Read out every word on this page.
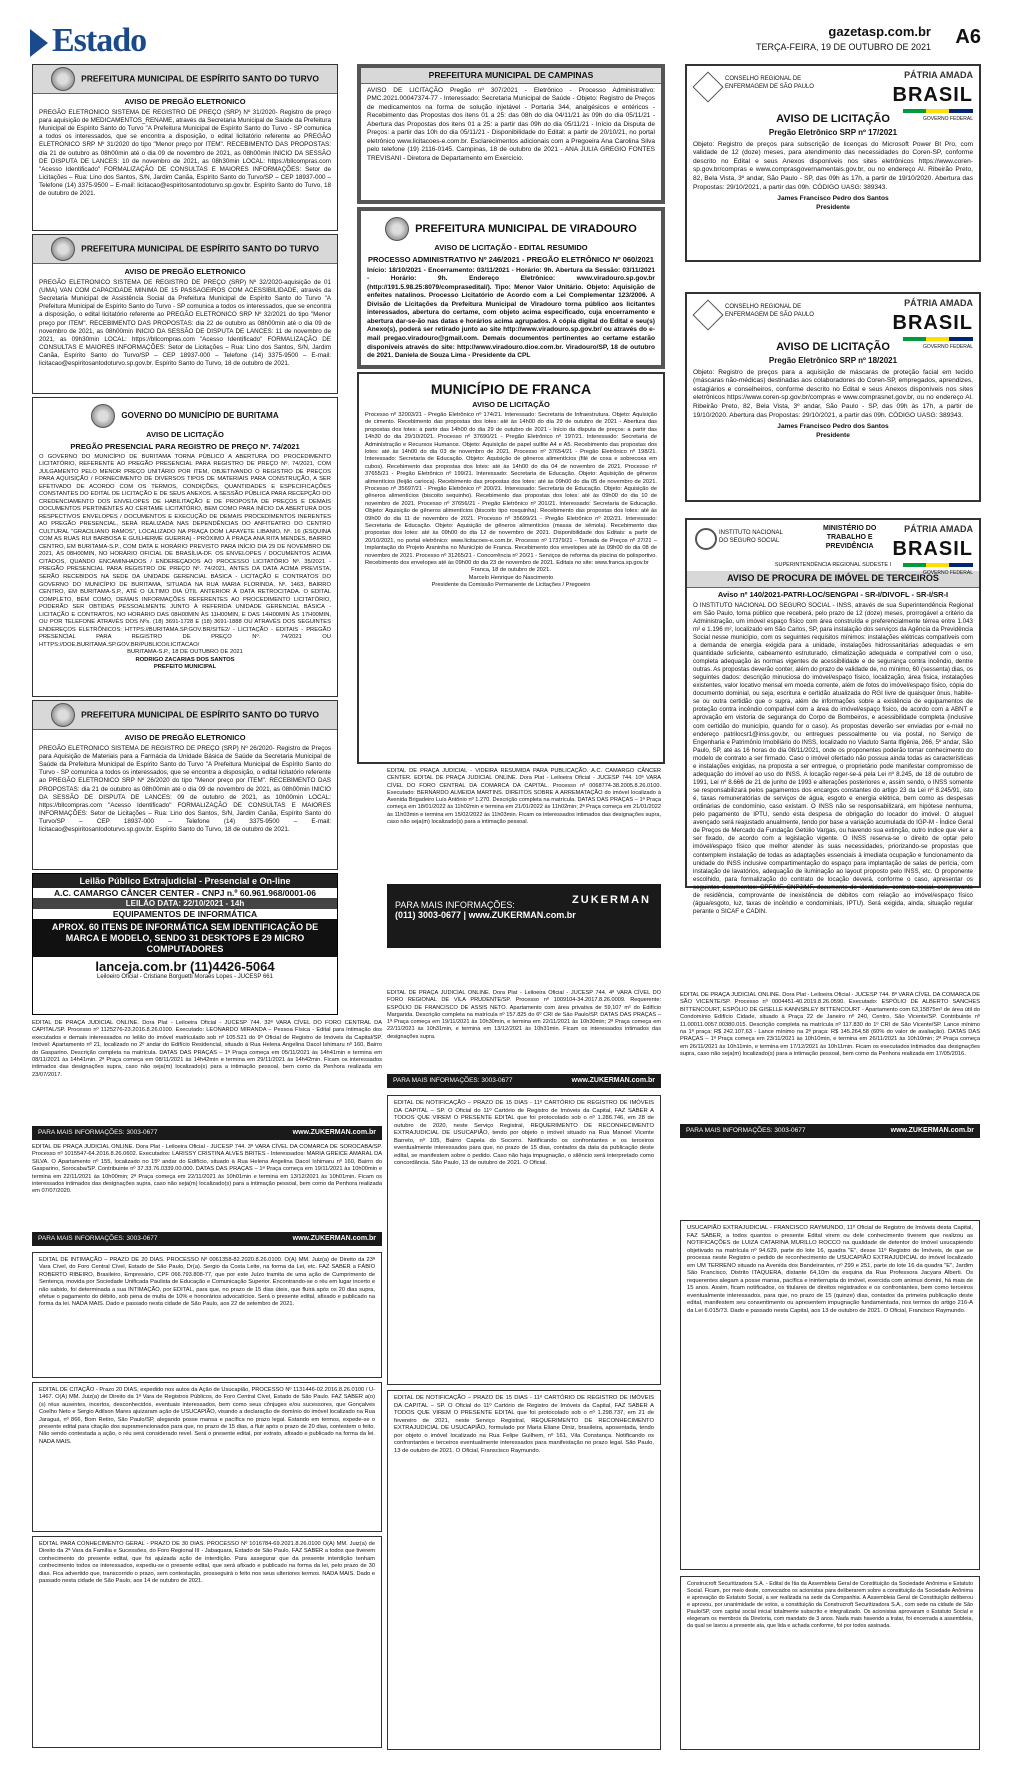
Estado	gazetasp.com.br
TERÇA-FEIRA, 19 DE OUTUBRO DE 2021 A6
PREFEITURA MUNICIPAL DE ESPÍRITO SANTO DO TURVO
AVISO DE PREGÃO ELETRONICO
PREGÃO ELETRONICO SISTEMA DE REGISTRO DE PREÇO (SRP) Nº 31/2020- Registro de preço para aquisição de MEDICAMENTOS_RENAME, através da Secretaria Municipal de Saúde da Prefeitura Municipal de Espírito Santo do Turvo "A Prefeitura Municipal de Espírito Santo do Turvo - SP comunica a todos os interessados, que se encontra a disposição, o edital licitatório referente ao PREGÃO ELETRONICO SRP Nº 31/2020 do tipo "Menor preço por ITEM". RECEBIMENTO DAS PROPOSTAS: dia 21 de outubro as 08h00min até o dia 09 de novembro de 2021, as 08h00min INICIO DA SESSÃO DE DISPUTA DE LANCES: 10 de novembro de 2021, as 08h30min LOCAL: https://bllcompras.com "Acesso Identificado" FORMALIZAÇÃO DE CONSULTAS E MAIORES INFORMAÇÕES: Setor de Licitações – Rua: Lino dos Santos, S/N, Jardim Canãa, Espírito Santo do Turvo/SP – CEP 18937-000 – Telefone (14) 3375-9500 – E-mail: licitacao@espiritosantodoturvo.sp.gov.br. Espírito Santo do Turvo, 18 de outubro de 2021.
PREFEITURA MUNICIPAL DE ESPÍRITO SANTO DO TURVO
AVISO DE PREGÃO ELETRONICO
PREGÃO ELETRONICO SISTEMA DE REGISTRO DE PREÇO (SRP) Nº 32/2020-aquisição de 01 (UMA) VAN COM CAPACIDADE MINIMA DE 15 PASSAGEIROS COM ACESSIBILIDADE, através da Secretaria Municipal de Assistência Social da Prefeitura Municipal de Espírito Santo do Turvo "A Prefeitura Municipal de Espírito Santo do Turvo - SP comunica a todos os interessados, que se encontra a disposição, o edital licitatório referente ao PREGÃO ELETRONICO SRP Nº 32/2021 do tipo "Menor preço por ITEM". RECEBIMENTO DAS PROPOSTAS: dia 22 de outubro as 08h00min até o dia 09 de novembro de 2021, as 08h00min INICIO DA SESSÃO DE DISPUTA DE LANCES: 11 de novembro de 2021, as 09h30min LOCAL: https://bllcompras.com "Acesso Identificado" FORMALIZAÇÃO DE CONSULTAS E MAIORES INFORMAÇÕES: Setor de Licitações – Rua: Lino dos Santos, S/N, Jardim Canãa, Espírito Santo do Turvo/SP – CEP 18937-000 – Telefone (14) 3375-9500 – E-mail: licitacao@espiritosantodoturvo.sp.gov.br. Espírito Santo do Turvo, 18 de outubro de 2021.
GOVERNO DO MUNICÍPIO DE BURITAMA
AVISO DE LICITAÇÃO
PREGÃO PRESENCIAL PARA REGISTRO DE PREÇO Nº. 74/2021
O GOVERNO DO MUNICÍPIO DE BURITAMA TORNA PÚBLICO A ABERTURA DO PROCEDIMENTO LICITATÓRIO, REFERENTE AO PREGÃO PRESENCIAL PARA REGISTRO DE PREÇO Nº. 74/2021, COM JULGAMENTO PELO MENOR PREÇO UNITÁRIO POR ITEM, OBJETIVANDO O REGISTRO DE PREÇOS PARA AQUISIÇÃO / FORNECIMENTO DE DIVERSOS TIPOS DE MATERIAIS PARA CONSTRUÇÃO, A SER EFETIVADO DE ACORDO COM OS TERMOS, CONDIÇÕES, QUANTIDADES E ESPECIFICAÇÕES CONSTANTES DO EDITAL DE LICITAÇÃO E DE SEUS ANEXOS. A SESSÃO PÚBLICA PARA RECEPÇÃO DO CREDENCIAMENTO DOS ENVELOPES DE HABILITAÇÃO E DE PROPOSTA DE PREÇOS E DEMAIS DOCUMENTOS PERTINENTES AO CERTAME LICITATÓRIO, BEM COMO PARA INÍCIO DA ABERTURA DOS RESPECTIVOS ENVELOPES / DOCUMENTOS E EXECUÇÃO DE DEMAIS PROCEDIMENTOS INERENTES AO PREGÃO PRESENCIAL, SERÁ REALIZADA NAS DEPENDÊNCIAS DO ANFITEATRO DO CENTRO CULTURAL "GRACILIANO RAMOS", LOCALIZADO NA PRAÇA DOM LAFAYETE LIBANIO, Nº. 16 (ESQUINA COM AS RUAS RUI BARBOSA E GUILHERME GUERRA) - PRÓXIMO À PRAÇA ANA RITA MENDES, BAIRRO CENTRO, EM BURITAMA-S.P., COM DATA E HORÁRIO PREVISTO PARA INÍCIO DIA 29 DE NOVEMBRO DE 2021, ÀS 08H00MIN, NO HORÁRIO OFICIAL DE BRASÍLIA-DF. OS ENVELOPES / DOCUMENTOS ACIMA CITADOS, QUANDO ENCAMINHADOS / ENDEREÇADOS AO PROCESSO LICITATÓRIO Nº. 35/2021 - PREGÃO PRESENCIAL PARA REGISTRO DE PREÇO Nº. 74/2021, ANTES DA DATA ACIMA PREVISTA, SERÃO RECEBIDOS NA SEDE DA UNIDADE GERENCIAL BÁSICA - LICITAÇÃO E CONTRATOS DO GOVERNO DO MUNICÍPIO DE BURITAMA, SITUADA NA RUA MARIA FLORINDA, Nº. 1463, BAIRRO CENTRO, EM BURITAMA-S.P., ATÉ O ÚLTIMO DIA ÚTIL ANTERIOR À DATA RETROCITADA. O EDITAL COMPLETO, BEM COMO, DEMAIS INFORMAÇÕES REFERENTES AO PROCEDIMENTO LICITATÓRIO, PODERÃO SER OBTIDAS PESSOALMENTE JUNTO À REFERIDA UNIDADE GERENCIAL BÁSICA - LICITAÇÃO E CONTRATOS, NO HORÁRIO DAS 08H00MIN ÀS 11H00MIN, E DAS 14H00MIN ÀS 17H00MIN, OU POR TELEFONE ATRAVÉS DOS Nºs. (18) 3691-1728 E (18) 3691-1888 OU ATRAVÉS DOS SEGUINTES ENDEREÇOS ELETRÔNICOS: HTTPS://BURITAMA.SP.GOV.BR/SITE2/ - LICITAÇÃO - EDITAIS - PREGÃO PRESENCIAL PARA REGISTRO DE PREÇO Nº. 74/2021 OU HTTPS://DOE.BURITAMA.SP.GOV.BR/PUBLICO/LICITACAO/
BURITAMA-S.P., 18 DE OUTUBRO DE 2021
RODRIGO ZACARIAS DOS SANTOS
PREFEITO MUNICIPAL
PREFEITURA MUNICIPAL DE ESPÍRITO SANTO DO TURVO
AVISO DE PREGÃO ELETRONICO
PREGÃO ELETRONICO SISTEMA DE REGISTRO DE PREÇO (SRP) Nº 26/2020- Registro de Preços para Aquisição de Materiais para a Farmácia da Unidade Básica de Saúde da Secretaria Municipal de Saúde da Prefeitura Municipal de Espírito Santo do Turvo "A Prefeitura Municipal de Espírito Santo do Turvo - SP comunica a todos os interessados, que se encontra a disposição, o edital licitatório referente ao PREGÃO ELETRONICO SRP Nº 26/2020 do tipo "Menor preço por ITEM". RECEBIMENTO DAS PROPOSTAS: dia 21 de outubro as 08h00min até o dia 09 de novembro de 2021, as 08h00min INICIO DA SESSÃO DE DISPUTA DE LANCES: 09 de outubro de 2021, as 10h00min LOCAL: https://bllcompras.com "Acesso Identificado" FORMALIZAÇÃO DE CONSULTAS E MAIORES INFORMAÇÕES: Setor de Licitações – Rua: Lino dos Santos, S/N, Jardim Canãa, Espírito Santo do Turvo/SP – CEP 18937-000 – Telefone (14) 3375-9500 – E-mail: licitacao@espiritosantodoturvo.sp.gov.br. Espírito Santo do Turvo, 18 de outubro de 2021.
Leilão Público Extrajudicial - Presencial e On-line
A.C. CAMARGO CÂNCER CENTER - CNPJ n.º 60.961.968/0001-06
LEILÃO DATA: 22/10/2021 - 14h
EQUIPAMENTOS DE INFORMÁTICA
APROX. 60 ITENS DE INFORMÁTICA SEM IDENTIFICAÇÃO DE MARCA E MODELO, SENDO 31 DESKTOPS E 29 MICRO COMPUTADORES
lanceja.com.br (11)4426-5064
Leiloeiro Oficial - Cristiane Borguetti Moraes Lopes - JUCESP 661
EDITAL DE PRAÇA JUDICIAL ONLINE. Dora Plat - Leiloeira Oficial - JUCESP 744. 32ª VARA CÍVEL DO FORO CENTRAL DA CAPITAL/SP. Processo nº 1125276-23.2016.8.26.0100. Executado: LEONARDO MIRANDA – Pessoa Física - Edital para intimação dos executados e demais interessados no leilão do imóvel matriculado sob nº 105.521 do 9º Oficial de Registro de Imóveis da Capital/SP. Imóvel: Apartamento nº 21, localizado no 2º andar do Edifício Residencial, situado à Rua Helena Angelina Dacol Ishimaru nº 160, Bairro do Gasparino. Descrição completa na matrícula. DATAS DAS PRAÇAS – 1ª Praça começa em 05/11/2021 às 14h41min e termina em 08/11/2021 às 14h41min. 2ª Praça começa em 08/11/2021 às 14h42min e termina em 29/11/2021 às 14h42min. Ficam os interessados intimados das designações supra, caso não seja(m) localizado(s) para a intimação pessoal, bem como da Penhora realizada em 23/07/2017.
PARA MAIS INFORMAÇÕES: 3003-0677	www.ZUKERMAN.com.br
EDITAL DE PRAÇA JUDICIAL ONLINE. Dora Plat - Leiloeira Oficial - JUCESP 744. 3ª VARA CÍVEL DA COMARCA DE SOROCABA/SP. Processo nº 1015547-64.2016.8.26.0602. Executados: LARISSY CRISTINA ALVES BRITES - Interessados: MARIA GREICE AMARAL DA SILVA. O Apartamento nº 155, localizado no 15º andar do Edifício, situado à Rua Helena Angelina Dacol Ishimaru nº 160, Bairro do Gasparino, Sorocaba/SP. Contribuinte nº 37.33.76.0339.00.000. DATAS DAS PRAÇAS – 1ª Praça começa em 19/11/2021 às 10h00min e termina em 22/11/2021 às 10h00min; 2ª Praça começa em 22/11/2021 às 10h01min e termina em 13/12/2021 às 10h01min. Ficam os interessados intimados das designações supra, caso não seja(m) localizado(s) para a intimação pessoal, bem como da Penhora realizada em 07/07/2020.
PARA MAIS INFORMAÇÕES: 3003-0677	www.ZUKERMAN.com.br
EDITAL DE INTIMAÇÃO – PRAZO DE 20 DIAS. PROCESSO Nº 0061358-82.2020.8.26.0100. O(A) MM. Juiz(a) de Direito da 23ª Vara Cível, do Foro Central Cível, Estado de São Paulo, Dr(a). Sergio da Costa Leite, na forma da Lei, etc. FAZ SABER a FÁBIO ROBERTO RIBEIRO, Brasileiro, Empresário, CPF 066.793.808-77, que por este Juízo tramita de uma ação de Cumprimento de Sentença, movida por Sociedade Unificada Paulista de Educação e Comunicação Superior. Encontrando-se o réu em lugar incerto e não sabido, foi determinada a sua INTIMAÇÃO, por EDITAL, para que, no prazo de 15 dias úteis, que fluirá após os 20 dias supra, efetue o pagamento do débito, sob pena de multa de 10% e honorários advocatícios. Será o presente edital, afixado e publicado na forma da lei. NADA MAIS. Dado e passado nesta cidade de São Paulo, aos 22 de setembro de 2021.
EDITAL DE CITAÇÃO - Prazo 20 DIAS, expedido nos autos da Ação de Usucapião, PROCESSO Nº 1131446-02.2016.8.26.0100 / U-1467. O(A) MM. Juiz(a) de Direito da 1ª Vara de Registros Públicos, do Foro Central Cível, Estado de São Paulo. FAZ SABER a(o)(s) réus ausentes, incertos, desconhecidos, eventuais interessados, bem como seus cônjuges e/ou sucessores, que Gonçalves Coelho Neto e Sergio Adilson Mares ajuizaram ação de USUCAPIÃO, visando a declaração de domínio do imóvel localizado na Rua Jaraguá, nº 866, Bom Retiro, São Paulo/SP, alegando posse mansa e pacífica no prazo legal. Estando em termos, expede-se o presente edital para citação dos supramencionados para que, no prazo de 15 dias, a fluir após o prazo de 20 dias, contestem o feito. Não sendo contestada a ação, o réu será considerado revel. Será o presente edital, por extrato, afixado e publicado na forma da lei. NADA MAIS.
EDITAL PARA CONHECIMENTO GERAL - PRAZO DE 30 DIAS. PROCESSO Nº 1016784-69.2021.8.26.0100 O(A) MM. Juiz(a) de Direito da 2ª Vara da Família e Sucessões, do Foro Regional III - Jabaquara, Estado de São Paulo. FAZ SABER a todos que tiverem conhecimento do presente edital, que foi ajuizada ação de interdição. Para assegurar que da presente interdição tenham conhecimento todos os interessados, expediu-se o presente edital, que será afixado e publicado na forma da lei, pelo prazo de 30 dias. Fica advertido que, transcorrido o prazo, sem contestação, prosseguirá o feito nos seus ulteriores termos. NADA MAIS. Dado e passado nesta cidade de São Paulo, aos 14 de outubro de 2021.
PREFEITURA MUNICIPAL DE CAMPINAS
AVISO DE LICITAÇÃO Pregão nº 307/2021 - Eletrônico - Processo Administrativo: PMC.2021.00047374-77 - Interessado: Secretaria Municipal de Saúde - Objeto: Registro de Preços de medicamentos na forma de solução injetável - Portaria 344, analgésicos e entéricos - Recebimento das Propostas dos itens 01 a 25: das 08h do dia 04/11/21 às 09h do dia 05/11/21 - Abertura das Propostas dos itens 01 a 25: a partir das 09h do dia 05/11/21 - Início da Disputa de Preços: a partir das 10h do dia 05/11/21 - Disponibilidade do Edital: a partir de 20/10/21, no portal eletrônico www.licitacoes-e.com.br. Esclarecimentos adicionais com a Pregoeira Ana Carolina Silva pelo telefone (19) 2116-0145. Campinas, 18 de outubro de 2021 - ANA JULIA GREGIO FONTES TREVISANI - Diretora de Departamento em Exercício.
PREFEITURA MUNICIPAL DE VIRADOURO
AVISO DE LICITAÇÃO - EDITAL RESUMIDO
PROCESSO ADMINISTRATIVO Nº 246/2021 - PREGÃO ELETRÔNICO Nº 060/2021
Início: 18/10/2021 - Encerramento: 03/11/2021 - Horário: 9h. Abertura da Sessão: 03/11/2021 - Horário: 9h. Endereço Eletrônico: www.viradouro.sp.gov.br (http://191.5.98.25:8079/comprasedital/). Tipo: Menor Valor Unitário. Objeto: Aquisição de enfeites natalinos. Processo Licitatório de Acordo com a Lei Complementar 123/2006. A Divisão de Licitações da Prefeitura Municipal de Viradouro torna público aos licitantes interessados, abertura do certame, com objeto acima especificado, cuja encerramento e abertura dar-se-ão nas datas e horários acima agrupados. A cópia digital do Edital e seu(s) Anexo(s), poderá ser retirado junto ao site http://www.viradouro.sp.gov.br/ ou através do e-mail pregao.viradouro@gmail.com. Demais documentos pertinentes ao certame estarão disponíveis através do site: http://www.viradouro.dioe.com.br. Viradouro/SP, 18 de outubro de 2021. Daniela de Souza Lima - Presidente da CPL
MUNICÍPIO DE FRANCA
AVISO DE LICITAÇÃO
Processo nº 32003/21 - Pregão Eletrônico nº 174/21. Interessado: Secretaria de Infraestrutura. Objeto: Aquisição de cimento. Recebimento das propostas dos lotes: até às 14h00 do dia 29 de outubro de 2021 - Abertura das propostas dos lotes: a partir das 14h00 do dia 29 de outubro de 2021 - Início da disputa de preços: a partir das 14h30 do dia 29/10/2021. Processo nº 37690/21 - Pregão Eletrônico nº 197/21. Interessado: Secretaria de Administração e Recursos Humanos. Objeto: Aquisição de papel sulfite A4 e A5. Recebimento das propostas dos lotes: até às 14h00 do dia 03 de novembro de 2021. Processo nº 37654/21 - Pregão Eletrônico nº 198/21. Interessado: Secretaria de Educação. Objeto: Aquisição de gêneros alimentícios (filé de coxa e sobrecoxa em cubos). Recebimento das propostas dos lotes: até às 14h00 do dia 04 de novembro de 2021. Processo nº 37655/21 - Pregão Eletrônico nº 199/21. Interessado: Secretaria de Educação. Objeto: Aquisição de gêneros alimentícios (feijão carioca). Recebimento das propostas dos lotes: até às 09h00 do dia 05 de novembro de 2021. Processo nº 35697/21 - Pregão Eletrônico nº 200/21. Interessado: Secretaria de Educação. Objeto: Aquisição de gêneros alimentícios (biscoito sequinho). Recebimento das propostas dos lotes: até às 09h00 do dia 10 de novembro de 2021. Processo nº 37656/21 - Pregão Eletrônico nº 201/21. Interessado: Secretaria de Educação. Objeto: Aquisição de gêneros alimentícios (biscoito tipo rosquinha). Recebimento das propostas dos lotes: até às 09h00 do dia 11 de novembro de 2021. Processo nº 35699/21 - Pregão Eletrônico nº 202/21. Interessado: Secretaria de Educação. Objeto: Aquisição de gêneros alimentícios (massa de sêmola). Recebimento das propostas dos lotes: até às 09h00 do dia 12 de novembro de 2021. Disponibilidade dos Editais: a partir de 20/10/2021, no portal eletrônico: www.licitacoes-e.com.br. Processo nº 17379/21 - Tomada de Preços nº 27/21 – Implantação do Projeto Araninha no Município de Franca. Recebimento dos envelopes até às 09h00 do dia 08 de novembro de 2021. Processo nº 31265/21 - Concorrência nº 20/21 - Serviços de reforma da piscina do polisportivo. Recebimento dos envelopes até às 09h00 do dia 23 de novembro de 2021. Editais no site: www.franca.sp.gov.br
Franca, 18 de outubro de 2021.
Marcelo Henrique do Nascimento
Presidente da Comissão Permanente de Licitações / Pregoeiro
EDITAL DE PRAÇA JUDICIAL - VIDEIRA RESUMIDA PARA PUBLICAÇÃO. A.C. CAMARGO CÂNCER CENTER. EDITAL DE PRAÇA JUDICIAL ONLINE. Dora Plat - Leiloeira Oficial - JUCESP 744. 10ª VARA CÍVEL DO FORO CENTRAL DA COMARCA DA CAPITAL. Processo nº 0068774-38.2005.8.26.0100. Executado: BERNARDO ALMEIDA MARTINS. DIREITOS SOBRE A ARREMATAÇÃO do imóvel localizado à Avenida Brigadeiro Luís Antônio nº 1.270. Descrição completa na matrícula. DATAS DAS PRAÇAS – 1ª Praça começa em 18/01/2022 às 11h02min e termina em 21/01/2022 às 11h02min; 2ª Praça começa em 21/01/2022 às 11h03min e termina em 15/02/2022 às 11h03min. Ficam os interessados intimados das designações supra, caso não seja(m) localizado(s) para a intimação pessoal.
PARA MAIS INFORMAÇÕES:
(011) 3003-0677 | www.ZUKERMAN.com.br
ZUKERMAN
EDITAL DE PRAÇA JUDICIAL ONLINE. Dora Plat - Leiloeira Oficial - JUCESP 744. 4ª VARA CÍVEL DO FORO REGIONAL DE VILA PRUDENTE/SP. Processo nº 1009104-34.2017.8.26.0009. Requerente: ESPÓLIO DE FRANCISCO DE ASSIS NETO. Apartamento com área privativa de 59,107 m² do Edifício Margarida. Descrição completa na matrícula nº 157.825 do 6º CRI de São Paulo/SP. DATAS DAS PRAÇAS – 1ª Praça começa em 19/11/2021 às 10h30min, e termina em 22/11/2021 às 10h30min; 2ª Praça começa em 22/11/2021 às 10h31min, e termina em 13/12/2021 às 10h31min. Ficam os interessados intimados das designações supra.
PARA MAIS INFORMAÇÕES: 3003-0677	www.ZUKERMAN.com.br
EDITAL DE NOTIFICAÇÃO – PRAZO DE 15 DIAS - 11º CARTÓRIO DE REGISTRO DE IMÓVEIS DA CAPITAL – SP. O Oficial do 11º Cartório de Registro de Imóveis da Capital, FAZ SABER A TODOS QUE VIREM O PRESENTE EDITAL que foi protocolado sob o nº 1.286.746, em 28 de outubro de 2020, neste Serviço Registral, REQUERIMENTO DE RECONHECIMENTO EXTRAJUDICIAL DE USUCAPIÃO, tendo por objeto o imóvel situado na Rua Manoel Vicente Barreto, nº 105, Bairro Capela do Socorro. Notificando os confrontantes e os terceiros eventualmente interessados para que, no prazo de 15 dias, contados da data da publicação deste edital, se manifestem sobre o pedido. Caso não haja impugnação, o silêncio será interpretado como concordância. São Paulo, 13 de outubro de 2021. O Oficial.
EDITAL DE NOTIFICAÇÃO – PRAZO DE 15 DIAS - 11º CARTÓRIO DE REGISTRO DE IMÓVEIS DA CAPITAL – SP. O Oficial do 11º Cartório de Registro de Imóveis da Capital, FAZ SABER A TODOS QUE VIREM O PRESENTE EDITAL que foi protocolado sob o nº 1.298.737, em 21 de fevereiro de 2021, neste Serviço Registral, REQUERIMENTO DE RECONHECIMENTO EXTRAJUDICIAL DE USUCAPIÃO, formulado por Maria Eliane Diniz, brasileira, aposentada, tendo por objeto o imóvel localizado na Rua Felipe Guilhem, nº 161, Vila Constança. Notificando os confrontantes e terceiros eventualmente interessados para manifestação no prazo legal. São Paulo, 13 de outubro de 2021. O Oficial, Franscisco Raymundo.
CONSELHO REGIONAL DE
ENFERMAGEM DE SÃO PAULO
PÁTRIA AMADA
BRASIL
GOVERNO FEDERAL
AVISO DE LICITAÇÃO
Pregão Eletrônico SRP nº 17/2021
Objeto: Registro de preços para subscrição de licenças do Microsoft Power BI Pro, com validade de 12 (doze) meses, para atendimento das necessidades do Coren-SP, conforme descrito no Edital e seus Anexos disponíveis nos sites eletrônicos https://www.coren-sp.gov.br/compras e www.comprasgovernamentais.gov.br, ou no endereço Al. Ribeirão Preto, 82, Bela Vista, 3º andar, São Paulo - SP, das 09h às 17h, a partir de 19/10/2020. Abertura das Propostas: 29/10/2021, a partir das 09h. CÓDIGO UASG: 389343.
James Francisco Pedro dos Santos
Presidente
CONSELHO REGIONAL DE
ENFERMAGEM DE SÃO PAULO
PÁTRIA AMADA
BRASIL
GOVERNO FEDERAL
AVISO DE LICITAÇÃO
Pregão Eletrônico SRP nº 18/2021
Objeto: Registro de preços para a aquisição de máscaras de proteção facial em tecido (máscaras não-médicas) destinadas aos colaboradores do Coren-SP, empregados, aprendizes, estagiários e conselheiros, conforme descrito no Edital e seus Anexos disponíveis nos sites eletrônicos https://www.coren-sp.gov.br/compras e www.comprasnet.gov.br, ou no endereço Al. Ribeirão Preto, 82, Bela Vista, 3º andar, São Paulo - SP, das 09h às 17h, a partir de 19/10/2020. Abertura das Propostas: 29/10/2021, a partir das 09h. CÓDIGO UASG: 389343.
James Francisco Pedro dos Santos
Presidente
INSTITUTO NACIONAL
DO SEGURO SOCIAL
MINISTÉRIO DO
TRABALHO E
PREVIDÊNCIA
PÁTRIA AMADA
BRASIL
GOVERNO FEDERAL
SUPERINTENDÊNCIA REGIONAL SUDESTE I
AVISO DE PROCURA DE IMÓVEL DE TERCEIROS
Aviso nº 140/2021-PATRI-LOC/SENGPAI - SR-I/DIVOFL - SR-I/SR-I
O INSTITUTO NACIONAL DO SEGURO SOCIAL - INSS, através de sua Superintendência Regional em São Paulo, torna público que receberá, pelo prazo de 12 (doze) meses, prorrogável a critério da Administração, um imóvel espaço físico com área construída e preferencialmente térrea entre 1.043 m² e 1.196 m², localizado em São Carlos, SP, para instalação dos serviços da Agência da Previdência Social nesse município, com os seguintes requisitos mínimos: instalações elétricas compatíveis com a demanda de energia exigida para a unidade, instalações hidrossanitárias adequadas e em quantidade suficiente, cabeamento estruturado, climatização adequada e compatível com o uso, completa adequação às normas vigentes de acessibilidade e de segurança contra incêndio, dentre outras. As propostas deverão conter, além do prazo de validade de, no mínimo, 60 (sessenta) dias, os seguintes dados: descrição minuciosa do imóvel/espaço físico, localização, área física, instalações existentes, valor locativo mensal em moeda corrente, além de fotos do imóvel/espaço físico, cópia do documento dominial, ou seja, escritura e certidão atualizada do RGI livre de quaisquer ônus, habite-se ou outra certidão que o supra, além de informações sobre a existência de equipamentos de proteção contra incêndio compatível com a área do imóvel/espaço físico, de acordo com a ABNT e aprovação em vistoria de segurança do Corpo de Bombeiros, e acessibilidade completa (inclusive com certidão do município, quando for o caso). As propostas deverão ser enviadas por e-mail no endereço patrilocsr1@inss.gov.br, ou entregues pessoalmente ou via postal, no Serviço de Engenharia e Patrimônio Imobiliário do INSS, localizado no Viaduto Santa Ifigênia, 266, 5º andar, São Paulo, SP, até as 16 horas do dia 08/11/2021, onde os proponentes poderão tomar conhecimento do modelo de contrato a ser firmado. Caso o imóvel ofertado não possua ainda todas as características e instalações exigidas, na proposta a ser entregue, o proprietário pode manifestar compromisso de adequação do imóvel ao uso do INSS. A locação reger-se-á pela Lei nº 8.245, de 18 de outubro de 1991, Lei nº 8.666 de 21 de junho de 1993 e alterações posteriores e, assim sendo, o INSS somente se responsabilizará pelos pagamentos dos encargos constantes do artigo 23 da Lei nº 8.245/91, isto é, taxas remuneratórias de serviços de água, esgoto e energia elétrica, bem como as despesas ordinárias de condomínio, caso existam. O INSS não se responsabilizará, em hipótese nenhuma, pelo pagamento de IPTU, sendo esta despesa de obrigação do locador do imóvel. O aluguel avençado será reajustado anualmente, tendo por base a variação acumulada do IGP-M - Índice Geral de Preços de Mercado da Fundação Getúlio Vargas, ou havendo sua extinção, outro índice que vier a ser fixado, de acordo com a legislação vigente. O INSS reserva-se o direito de optar pelo imóvel/espaço físico que melhor atender às suas necessidades, priorizando-se propostas que contemplem instalação de todas as adaptações essenciais à imediata ocupação e funcionamento da unidade do INSS inclusive compartimentação do espaço para implantação de salas de perícia, com instalação de lavatórios, adequação de iluminação ao layout proposto pelo INSS, etc. O proponente escolhido, para formalização do contrato de locação deverá, conforme o caso, apresentar os seguintes documentos: CPF/MF, CNPJ/MF, documento de identidade, contrato social, comprovante de residência, comprovante de inexistência de débitos com relação ao imóvel/espaço físico (água/esgoto, luz, taxas de incêndio e condominiais, IPTU). Será exigida, ainda, situação regular perante o SICAF e CADIN.
EDITAL DE PRAÇA JUDICIAL ONLINE. Dora Plat - Leiloeira Oficial - JUCESP 744. 8ª VARA CÍVEL DA COMARCA DE SÃO VICENTE/SP. Processo nº 0004451-40.2019.8.26.0590. Executado: ESPÓLIO DE ALBERTO SANCHES BITTENCOURT, ESPÓLIO DE GISELLE KANNSBLEY BITTENCOURT - Apartamento com 63,15875m² de área útil do Condomínio Edifício Cidade, situado à Praça 22 de Janeiro nº 240, Centro, São Vicente/SP. Contribuinte nº 11.00011.0057.00380.015. Descrição completa na matrícula nº 117.830 do 1º CRI de São Vicente/SP. Lance mínimo na 1ª praça: R$ 242.107,63 - Lance mínimo na 2ª praça: R$ 145.264,58 (60% do valor de avaliação). DATAS DAS PRAÇAS – 1ª Praça começa em 23/11/2021 às 10h10min, e termina em 26/11/2021 às 10h10min; 2ª Praça começa em 26/11/2021 às 10h11min, e termina em 17/12/2021 às 10h11min. Ficam os executados intimados das designações supra, caso não seja(m) localizado(s) para a intimação pessoal, bem como da Penhora realizada em 17/05/2016.
PARA MAIS INFORMAÇÕES: 3003-0677	www.ZUKERMAN.com.br
USUCAPIÃO EXTRAJUDICIAL - FRANCISCO RAYMUNDO, 11º Oficial de Registro de Imóveis desta Capital, FAZ SABER, a todos quantos o presente Edital virem ou dele conhecimento tiverem que realizou as NOTIFICAÇÕES de LUIZA CATARINA MURILLO ROCCO na qualidade de detentor do imóvel usucapiendo objetivado na matrícula nº 94.629, parte do lote 16, quadra "E", desse 11º Registro de Imóveis, de que se processa neste Registro o pedido de reconhecimento de USUCAPIÃO EXTRAJUDICIAL do imóvel localizado em UM TERRENO situado na Avenida dos Bandeirantes, nº 299 e 251, parte do lote 16 da quadra "E", Jardim São Francisco, Distrito ITAQUERA, distante 64,10m da esquina da Rua Professora Jacyara Alberti. Os requerentes alegam a posse mansa, pacífica e ininterrupta do imóvel, exercida com animus domini, há mais de 15 anos. Assim, ficam notificados, os titulares de direitos registrados e os confrontantes, bem como terceiros eventualmente interessados, para que, no prazo de 15 (quinze) dias, contados da primeira publicação deste edital, manifestem seu consentimento ou apresentem impugnação fundamentada, nos termos do artigo 216-A da Lei 6.015/73. Dado e passado nesta Capital, aos 13 de outubro de 2021. O Oficial, Francisco Raymundo.
Construcroft Securitizadora S.A. - Edital de Itia da Assembleia Geral de Constituição da Sociedade Anônima e Estatuto Social. Ficam, por meio deste, convocados os acionistas para deliberarem sobre a constituição da Sociedade Anônima e aprovação do Estatuto Social, a ser realizada na sede da Companhia. A Assembleia Geral de Constituição deliberou e aprovou, por unanimidade de votos, a constituição da Construcroft Securitizadora S.A., com sede na cidade de São Paulo/SP, com capital social inicial totalmente subscrito e integralizado. Os acionistas aprovaram o Estatuto Social e elegeram os membros da Diretoria, com mandato de 3 anos. Nada mais havendo a tratar, foi encerrada a assembleia, da qual se lavrou a presente ata, que lida e achada conforme, foi por todos assinada.
